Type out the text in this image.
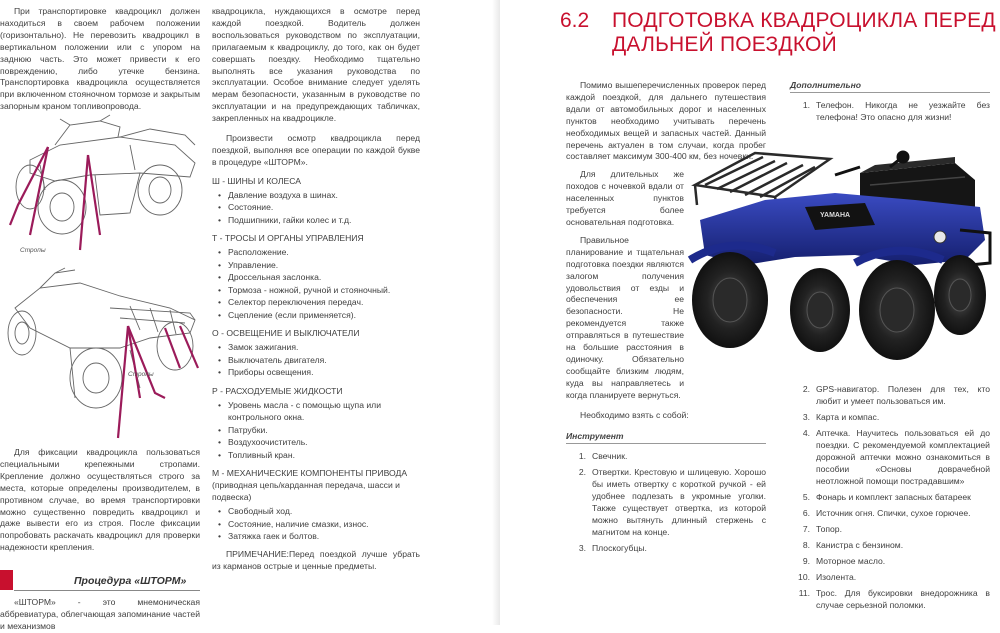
При транспортировке квадроцикл должен находиться в своем рабочем положении (горизонтально). Не перевозить квадроцикл в вертикальном положении или с упором на заднюю часть. Это может привести к его повреждению, либо утечке бензина. Транспортировка квадроцикла осуществляется при включенном стояночном тормозе и закрытым запорным краном топливопровода.

Стропы
Стропы

Для фиксации квадроцикла пользоваться специальными крепежными стропами. Крепление должно осуществляться строго за места, которые определены производителем, в противном случае, во время транспортировки можно существенно повредить квадроцикл и даже вывести его из строя. После фиксации попробовать раскачать квадроцикл для проверки надежности крепления.

Процедура «ШТОРМ»

«ШТОРМ» - это мнемоническая аббревиатура, облегчающая запоминание частей и механизмов

квадроцикла, нуждающихся в осмотре перед каждой поездкой. Водитель должен воспользоваться руководством по эксплуатации, прилагаемым к квадроциклу, до того, как он будет совершать поездку. Необходимо тщательно выполнять все указания руководства по эксплуатации. Особое внимание следует уделять мерам безопасности, указанным в руководстве по эксплуатации и на предупреждающих табличках, закрепленных на квадроцикле.

Произвести осмотр квадроцикла перед поездкой, выполняя все операции по каждой букве в процедуре «ШТОРМ».

Ш - ШИНЫ И КОЛЕСА
• Давление воздуха в шинах.
• Состояние.
• Подшипники, гайки колес и т.д.
Т - ТРОСЫ И ОРГАНЫ УПРАВЛЕНИЯ
• Расположение.
• Управление.
• Дроссельная заслонка.
• Тормоза - ножной, ручной и стояночный.
• Селектор переключения передач.
• Сцепление (если применяется).
О - ОСВЕЩЕНИЕ И ВЫКЛЮЧАТЕЛИ
• Замок зажигания.
• Выключатель двигателя.
• Приборы освещения.
Р - РАСХОДУЕМЫЕ ЖИДКОСТИ
• Уровень масла - с помощью щупа или контрольного окна.
• Патрубки.
• Воздухоочиститель.
• Топливный кран.
М - МЕХАНИЧЕСКИЕ КОМПОНЕНТЫ ПРИВОДА (приводная цепь/карданная передача, шасси и подвеска)
• Свободный ход.
• Состояние, наличие смазки, износ.
• Затяжка гаек и болтов.

ПРИМЕЧАНИЕ:Перед поездкой лучше убрать из карманов острые и ценные предметы.

6.2 ПОДГОТОВКА КВАДРОЦИКЛА ПЕРЕД ДАЛЬНЕЙ ПОЕЗДКОЙ

Помимо вышеперечисленных проверок перед каждой поездкой, для дальнего путешествия вдали от автомобильных дорог и населенных пунктов необходимо учитывать перечень необходимых вещей и запасных частей. Данный перечень актуален в том случаи, когда пробег составляет максимум 300-400 км, без ночевки.

Для длительных же походов с ночевкой вдали от населенных пунктов требуется более основательная подготовка.

Правильное планирование и тщательная подготовка поездки являются залогом получения удовольствия от езды и обеспечения ее безопасности. Не рекомендуется также отправляться в путешествие на большие расстояния в одиночку. Обязательно сообщайте близким людям, куда вы направляетесь и когда планируете вернуться.

Необходимо взять с собой:

Инструмент
1. Свечник.
2. Отвертки. Крестовую и шлицевую. Хорошо бы иметь отвертку с короткой ручкой - ей удобнее подлезать в укромные уголки. Также существует отвертка, из которой можно вытянуть длинный стержень с магнитом на конце.
3. Плоскогубцы.
Дополнительно
1. Телефон. Никогда не уезжайте без телефона! Это опасно для жизни!
YAMAHA
2. GPS-навигатор. Полезен для тех, кто любит и умеет пользоваться им.
3. Карта и компас.
4. Аптечка. Научитесь пользоваться ей до поездки. С рекомендуемой комплектацией дорожной аптечки можно ознакомиться в пособии «Основы доврачебной неотложной помощи пострадавшим»
5. Фонарь и комплект запасных батареек
6. Источник огня. Спички, сухое горючее.
7. Топор.
8. Канистра с бензином.
9. Моторное масло.
10. Изолента.
11. Трос. Для буксировки внедорожника в случае серьезной поломки.
